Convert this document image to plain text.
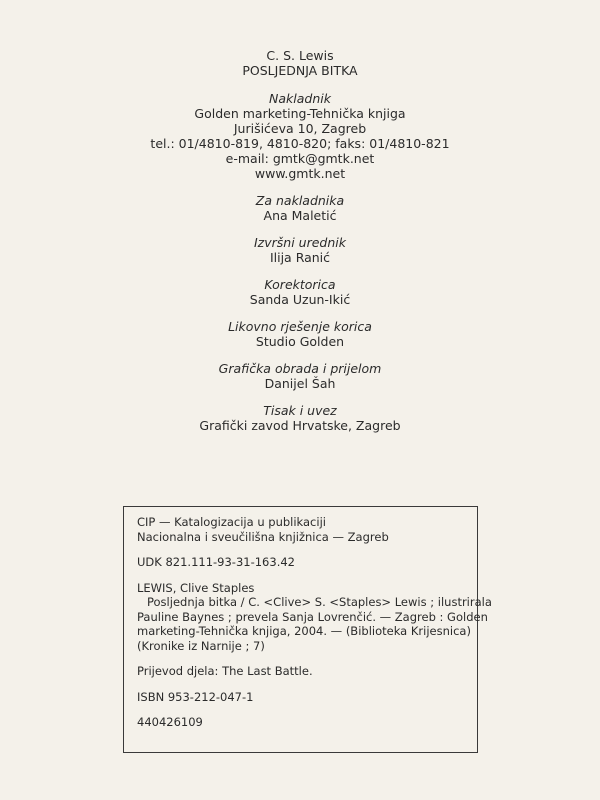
C. S. Lewis
POSLJEDNJA BITKA
Nakladnik
Golden marketing-Tehnička knjiga
Jurišićeva 10, Zagreb
tel.: 01/4810-819, 4810-820; faks: 01/4810-821
e-mail: gmtk@gmtk.net
www.gmtk.net
Za nakladnika
Ana Maletić
Izvršni urednik
Ilija Ranić
Korektorica
Sanda Uzun-Ikić
Likovno rješenje korica
Studio Golden
Grafička obrada i prijelom
Danijel Šah
Tisak i uvez
Grafički zavod Hrvatske, Zagreb
CIP — Katalogizacija u publikaciji
Nacionalna i sveučilišna knjižnica — Zagreb
UDK 821.111-93-31-163.42
LEWIS, Clive Staples
Posljednja bitka / C. <Clive> S. <Staples> Lewis ; ilustrirala
Pauline Baynes ; prevela Sanja Lovrenčić. — Zagreb : Golden
marketing-Tehnička knjiga, 2004. — (Biblioteka Krijesnica)
(Kronike iz Narnije ; 7)
Prijevod djela: The Last Battle.
ISBN 953-212-047-1
440426109
